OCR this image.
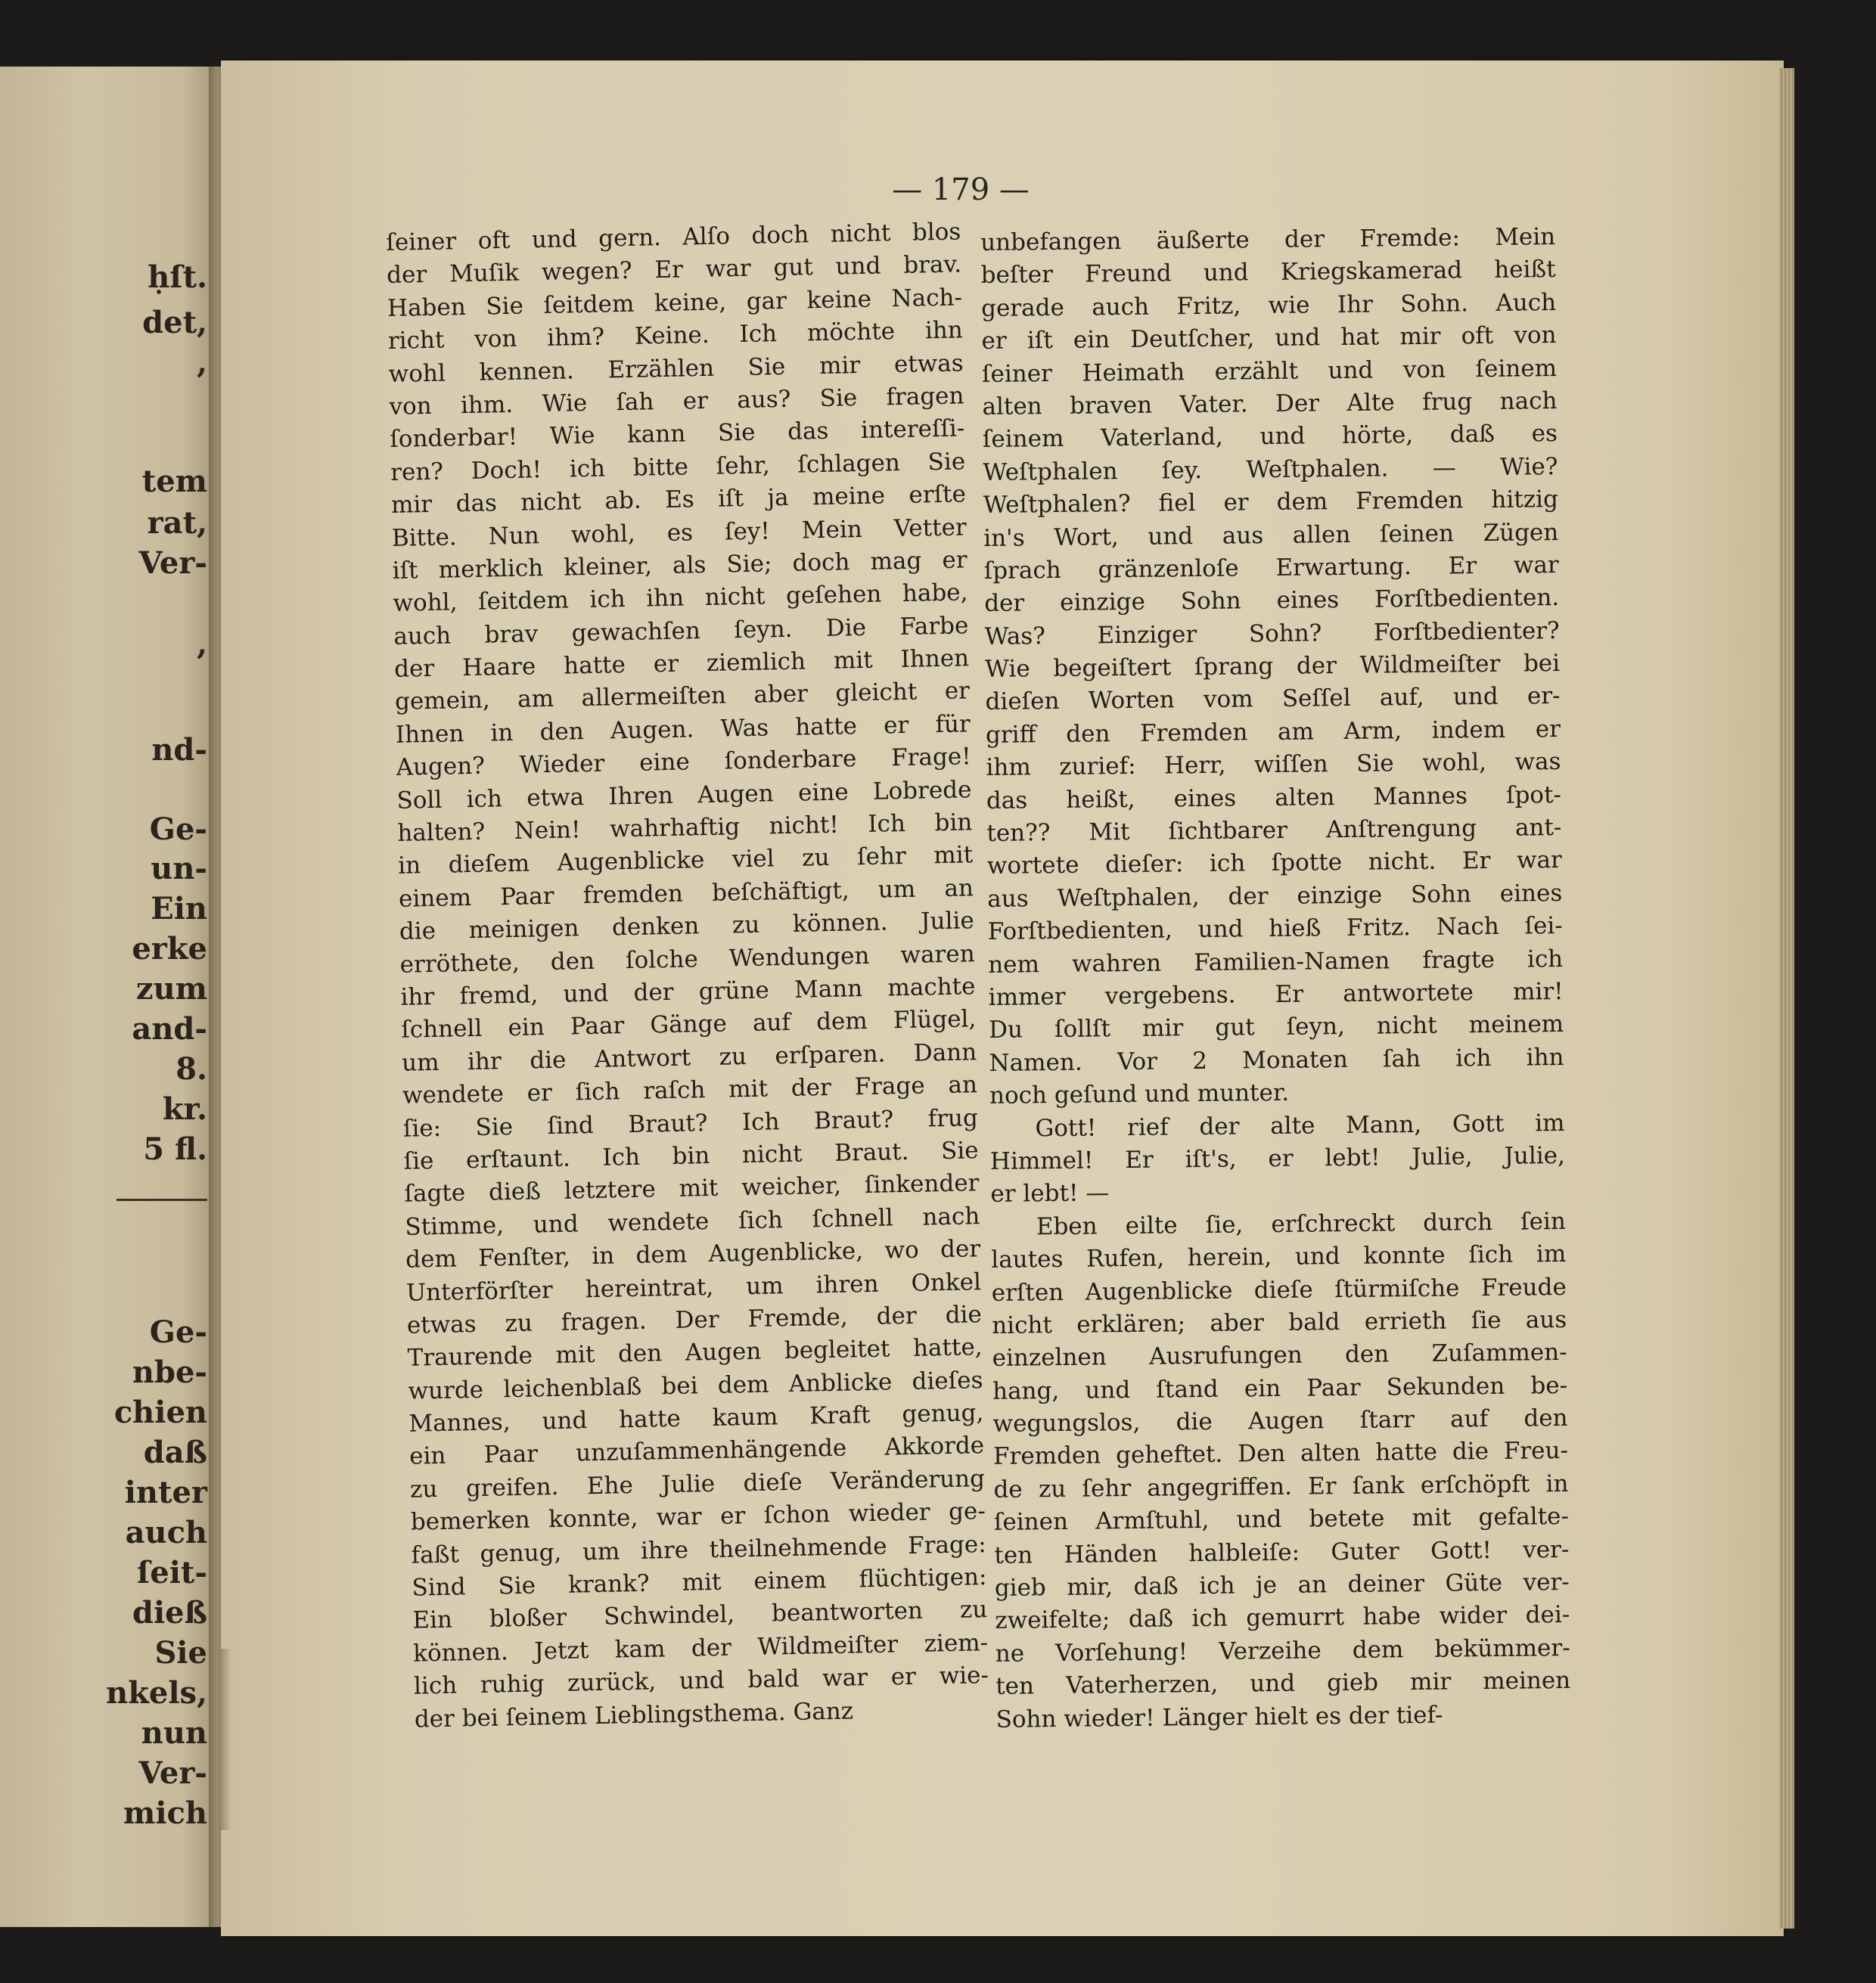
ḥſt.
det,
,
tem
rat,
Ver-
,
nd-
Ge-
un-
Ein
erke
zum
and-
8.
kr.
5 fl.
Ge-
nbe-
chien
daß
inter
auch
ſeit-
dieß
Sie
nkels,
nun
Ver-
mich
— 179 —
ſeiner oft und gern. Alſo doch nicht blos
der Muſik wegen? Er war gut und brav.
Haben Sie ſeitdem keine, gar keine Nach-
richt von ihm? Keine. Ich möchte ihn
wohl kennen. Erzählen Sie mir etwas
von ihm. Wie ſah er aus? Sie fragen
ſonderbar! Wie kann Sie das intereſſi-
ren? Doch! ich bitte ſehr, ſchlagen Sie
mir das nicht ab. Es iſt ja meine erſte
Bitte. Nun wohl, es ſey! Mein Vetter
iſt merklich kleiner, als Sie; doch mag er
wohl, ſeitdem ich ihn nicht geſehen habe,
auch brav gewachſen ſeyn. Die Farbe
der Haare hatte er ziemlich mit Ihnen
gemein, am allermeiſten aber gleicht er
Ihnen in den Augen. Was hatte er für
Augen? Wieder eine ſonderbare Frage!
Soll ich etwa Ihren Augen eine Lobrede
halten? Nein! wahrhaftig nicht! Ich bin
in dieſem Augenblicke viel zu ſehr mit
einem Paar fremden beſchäftigt, um an
die meinigen denken zu können. Julie
erröthete, den ſolche Wendungen waren
ihr fremd, und der grüne Mann machte
ſchnell ein Paar Gänge auf dem Flügel,
um ihr die Antwort zu erſparen. Dann
wendete er ſich raſch mit der Frage an
ſie: Sie ſind Braut? Ich Braut? frug
ſie erſtaunt. Ich bin nicht Braut. Sie
ſagte dieß letztere mit weicher, ſinkender
Stimme, und wendete ſich ſchnell nach
dem Fenſter, in dem Augenblicke, wo der
Unterförſter hereintrat, um ihren Onkel
etwas zu fragen. Der Fremde, der die
Traurende mit den Augen begleitet hatte,
wurde leichenblaß bei dem Anblicke dieſes
Mannes, und hatte kaum Kraft genug,
ein Paar unzuſammenhängende Akkorde
zu greifen. Ehe Julie dieſe Veränderung
bemerken konnte, war er ſchon wieder ge-
faßt genug, um ihre theilnehmende Frage:
Sind Sie krank? mit einem flüchtigen:
Ein bloßer Schwindel, beantworten zu
können. Jetzt kam der Wildmeiſter ziem-
lich ruhig zurück, und bald war er wie-
der bei ſeinem Lieblingsthema. Ganz
unbefangen äußerte der Fremde: Mein
beſter Freund und Kriegskamerad heißt
gerade auch Fritz, wie Ihr Sohn. Auch
er iſt ein Deutſcher, und hat mir oft von
ſeiner Heimath erzählt und von ſeinem
alten braven Vater. Der Alte frug nach
ſeinem Vaterland, und hörte, daß es
Weſtphalen ſey. Weſtphalen. — Wie?
Weſtphalen? fiel er dem Fremden hitzig
in's Wort, und aus allen ſeinen Zügen
ſprach gränzenloſe Erwartung. Er war
der einzige Sohn eines Forſtbedienten.
Was? Einziger Sohn? Forſtbedienter?
Wie begeiſtert ſprang der Wildmeiſter bei
dieſen Worten vom Seſſel auf, und er-
griff den Fremden am Arm, indem er
ihm zurief: Herr, wiſſen Sie wohl, was
das heißt, eines alten Mannes ſpot-
ten?? Mit ſichtbarer Anſtrengung ant-
wortete dieſer: ich ſpotte nicht. Er war
aus Weſtphalen, der einzige Sohn eines
Forſtbedienten, und hieß Fritz. Nach ſei-
nem wahren Familien-Namen fragte ich
immer vergebens. Er antwortete mir!
Du ſollſt mir gut ſeyn, nicht meinem
Namen. Vor 2 Monaten ſah ich ihn
noch geſund und munter.
Gott! rief der alte Mann, Gott im
Himmel! Er iſt's, er lebt! Julie, Julie,
er lebt! —
Eben eilte ſie, erſchreckt durch ſein
lautes Rufen, herein, und konnte ſich im
erſten Augenblicke dieſe ſtürmiſche Freude
nicht erklären; aber bald errieth ſie aus
einzelnen Ausrufungen den Zuſammen-
hang, und ſtand ein Paar Sekunden be-
wegungslos, die Augen ſtarr auf den
Fremden geheftet. Den alten hatte die Freu-
de zu ſehr angegriffen. Er ſank erſchöpft in
ſeinen Armſtuhl, und betete mit gefalte-
ten Händen halbleiſe: Guter Gott! ver-
gieb mir, daß ich je an deiner Güte ver-
zweifelte; daß ich gemurrt habe wider dei-
ne Vorſehung! Verzeihe dem bekümmer-
ten Vaterherzen, und gieb mir meinen
Sohn wieder! Länger hielt es der tief-
